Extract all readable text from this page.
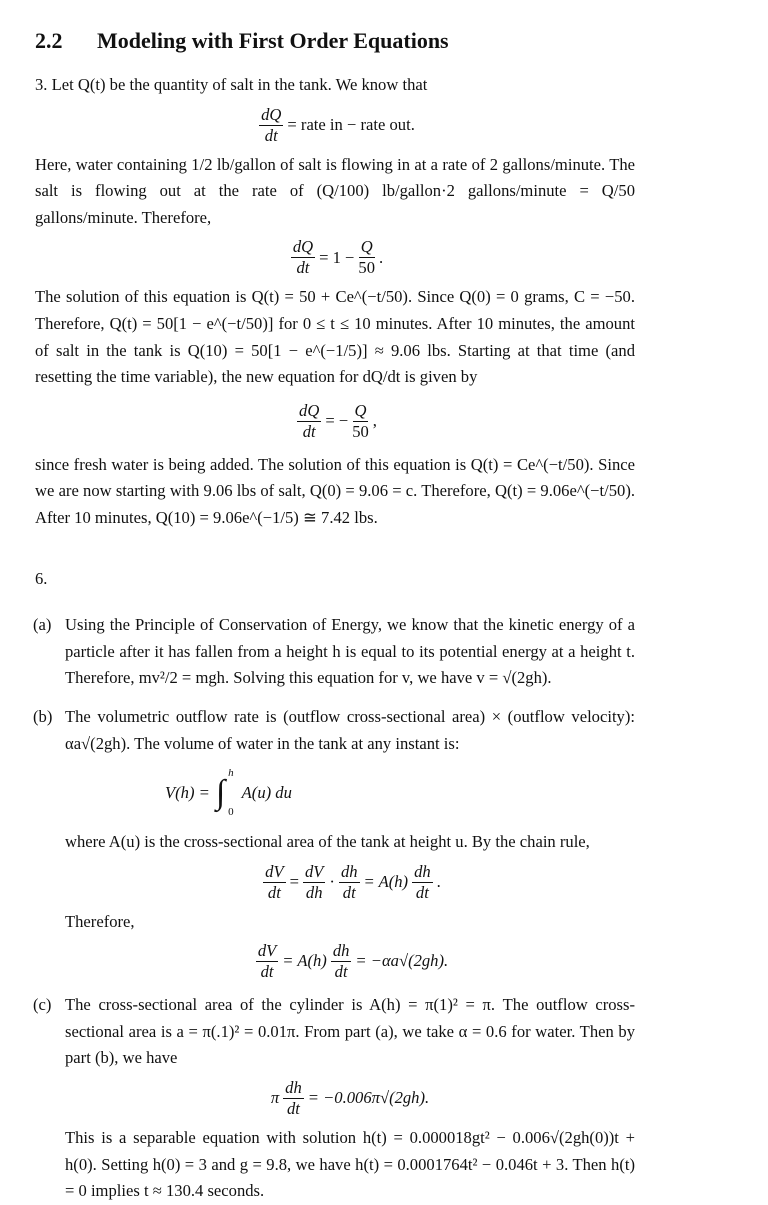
2.2 Modeling with First Order Equations

3. Let Q(t) be the quantity of salt in the tank. We know that

$\frac{dQ}{dt}$ = rate in − rate out.

Here, water containing 1/2 lb/gallon of salt is flowing in at a rate of 2 gallons/minute. The salt is flowing out at the rate of (Q/100) lb/gallon·2 gallons/minute = Q/50 gallons/minute. Therefore,

$\frac{dQ}{dt} = 1 - \frac{Q}{50}$ .

The solution of this equation is Q(t) = 50 + Ce^(−t/50). Since Q(0) = 0 grams, C = −50. Therefore, Q(t) = 50[1 − e^(−t/50)] for 0 ≤ t ≤ 10 minutes. After 10 minutes, the amount of salt in the tank is Q(10) = 50[1 − e^(−1/5)] ≈ 9.06 lbs. Starting at that time (and resetting the time variable), the new equation for dQ/dt is given by

$\frac{dQ}{dt}$ = − $\frac{Q}{50}$ ,

since fresh water is being added. The solution of this equation is Q(t) = Ce^(−t/50). Since we are now starting with 9.06 lbs of salt, Q(0) = 9.06 = c. Therefore, Q(t) = 9.06e^(−t/50). After 10 minutes, Q(10) = 9.06e^(−1/5) ≅ 7.42 lbs.

6.

(a) Using the Principle of Conservation of Energy, we know that the kinetic energy of a particle after it has fallen from a height h is equal to its potential energy at a height t. Therefore, mv²/2 = mgh. Solving this equation for v, we have v = √(2gh).
(b) The volumetric outflow rate is (outflow cross-sectional area) × (outflow velocity): αa√(2gh). The volume of water in the tank at any instant is:

V(h) = ∫
h
0
A(u) du

where A(u) is the cross-sectional area of the tank at height u. By the chain rule,

$\frac{dV}{dt} = \frac{dV}{dh} \cdot \frac{dh}{dt} = A(h) \frac{dh}{dt}$ .

Therefore,

$\frac{dV}{dt} = A(h) \frac{dh}{dt} = -\alpha a√(2gh)$.
(c) The cross-sectional area of the cylinder is A(h) = π(1)² = π. The outflow cross-sectional area is a = π(.1)² = 0.01π. From part (a), we take α = 0.6 for water. Then by part (b), we have

π $\frac{dh}{dt} = -0.006\pi√(2gh)$.

This is a separable equation with solution h(t) = 0.000018gt² − 0.006√(2gh(0))t + h(0). Setting h(0) = 3 and g = 9.8, we have h(t) = 0.0001764t² − 0.046t + 3. Then h(t) = 0 implies t ≈ 130.4 seconds.
